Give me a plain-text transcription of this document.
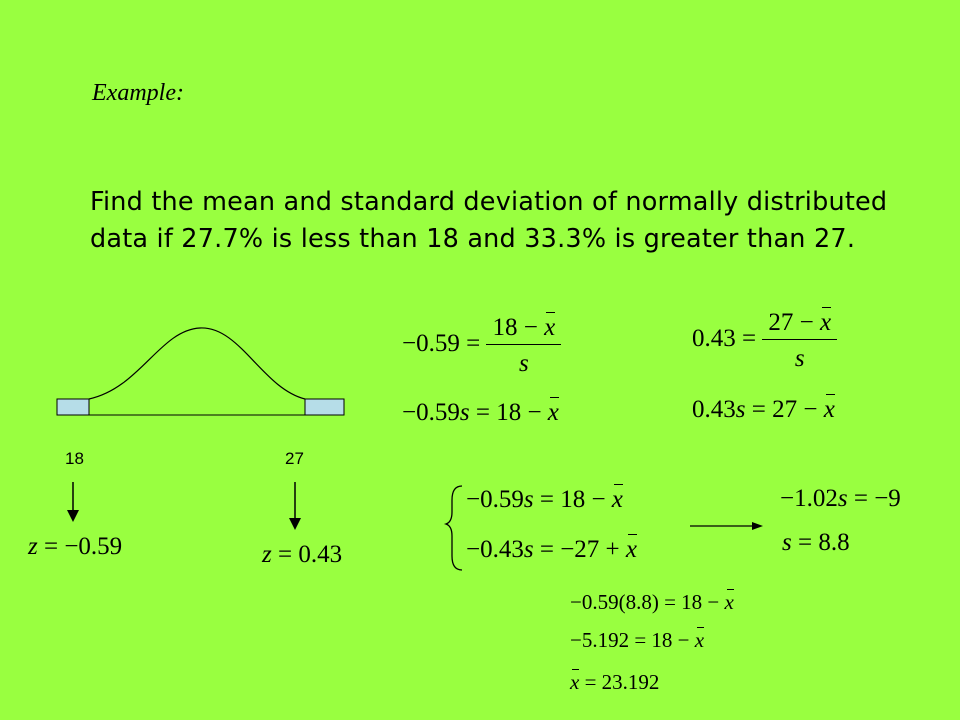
Example:
Find the mean and standard deviation of normally distributed data if 27.7% is less than 18 and 33.3% is greater than 27.
18	27
z = −0.59	z = 0.43
$-0.59 = \frac{18 - x}{s}$
−0.59s = 18 − x
$0.43 = \frac{27 - x}{s}$
0.43s = 27 − x
−0.59s = 18 − x
−0.43s = −27 + x
−1.02s = −9
s = 8.8
−0.59(8.8) = 18 − x
−5.192 = 18 − x
x = 23.192
